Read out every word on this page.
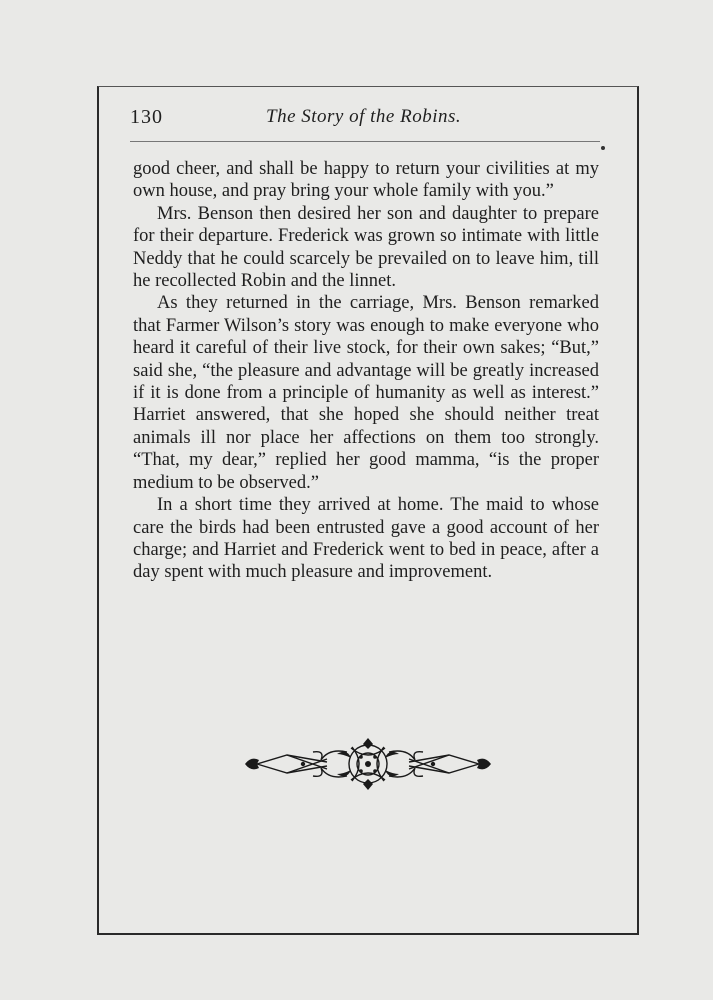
130	The Story of the Robins.

good cheer, and shall be happy to return your civilities at my own house, and pray bring your whole family with you.”

Mrs. Benson then desired her son and daughter to prepare for their departure. Frederick was grown so intimate with little Neddy that he could scarcely be prevailed on to leave him, till he recollected Robin and the linnet.

As they returned in the carriage, Mrs. Benson remarked that Farmer Wilson’s story was enough to make everyone who heard it careful of their live stock, for their own sakes; “But,” said she, “the pleasure and advantage will be greatly increased if it is done from a principle of humanity as well as interest.” Harriet answered, that she hoped she should neither treat animals ill nor place her affections on them too strongly. “That, my dear,” replied her good mamma, “is the proper medium to be observed.”

In a short time they arrived at home. The maid to whose care the birds had been entrusted gave a good account of her charge; and Harriet and Frederick went to bed in peace, after a day spent with much pleasure and improvement.
